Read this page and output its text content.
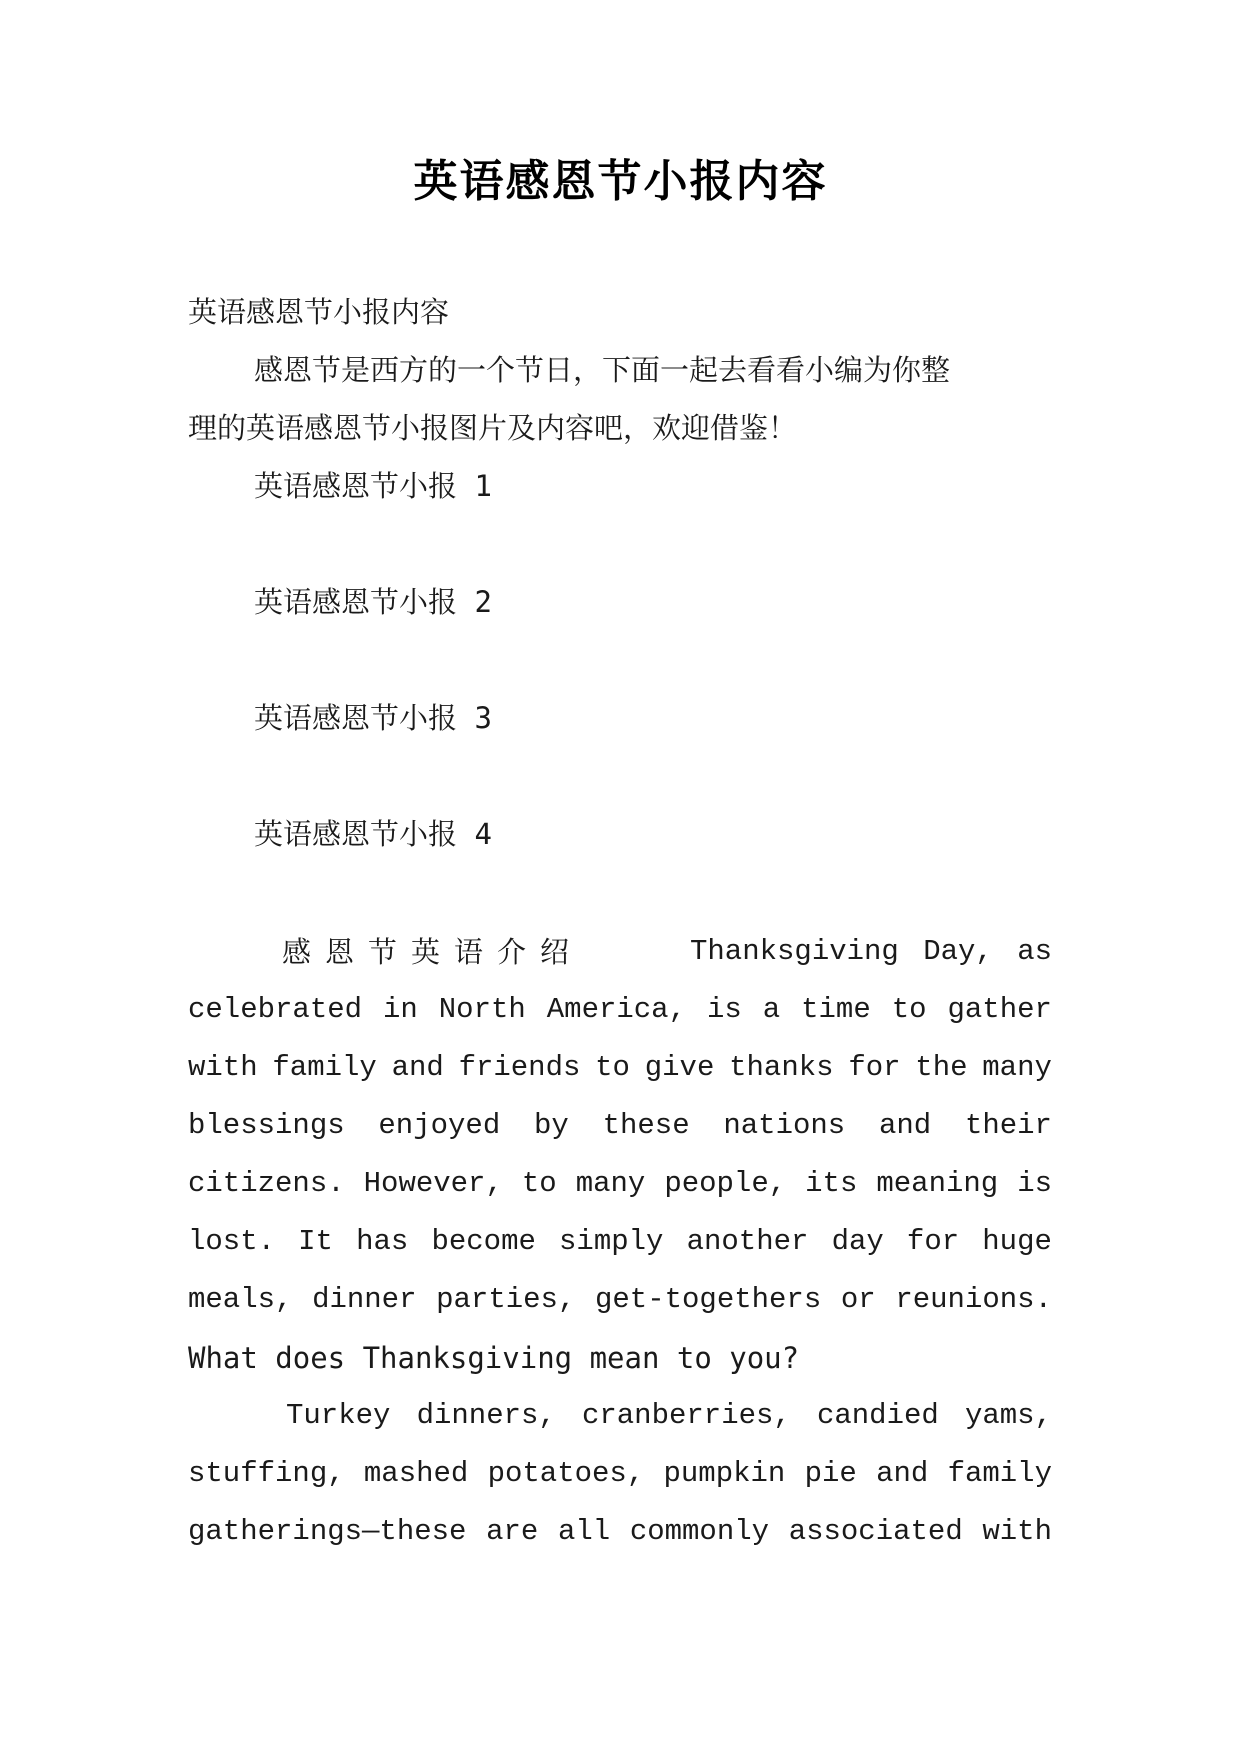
英语感恩节小报内容
英语感恩节小报内容
感恩节是西方的一个节日，下面一起去看看小编为你整
理的英语感恩节小报图片及内容吧，欢迎借鉴！
英语感恩节小报 1
英语感恩节小报 2
英语感恩节小报 3
英语感恩节小报 4
感恩节英语介绍	Thanksgiving Day, as
celebrated in North America, is a time to gather
with family and friends to give thanks for the many
blessings enjoyed by these nations and their
citizens. However, to many people, its meaning is
lost. It has become simply another day for huge
meals, dinner parties, get-togethers or reunions.
What does Thanksgiving mean to you?
Turkey dinners, cranberries, candied yams,
stuffing, mashed potatoes, pumpkin pie and family
gatherings—these are all commonly associated with
